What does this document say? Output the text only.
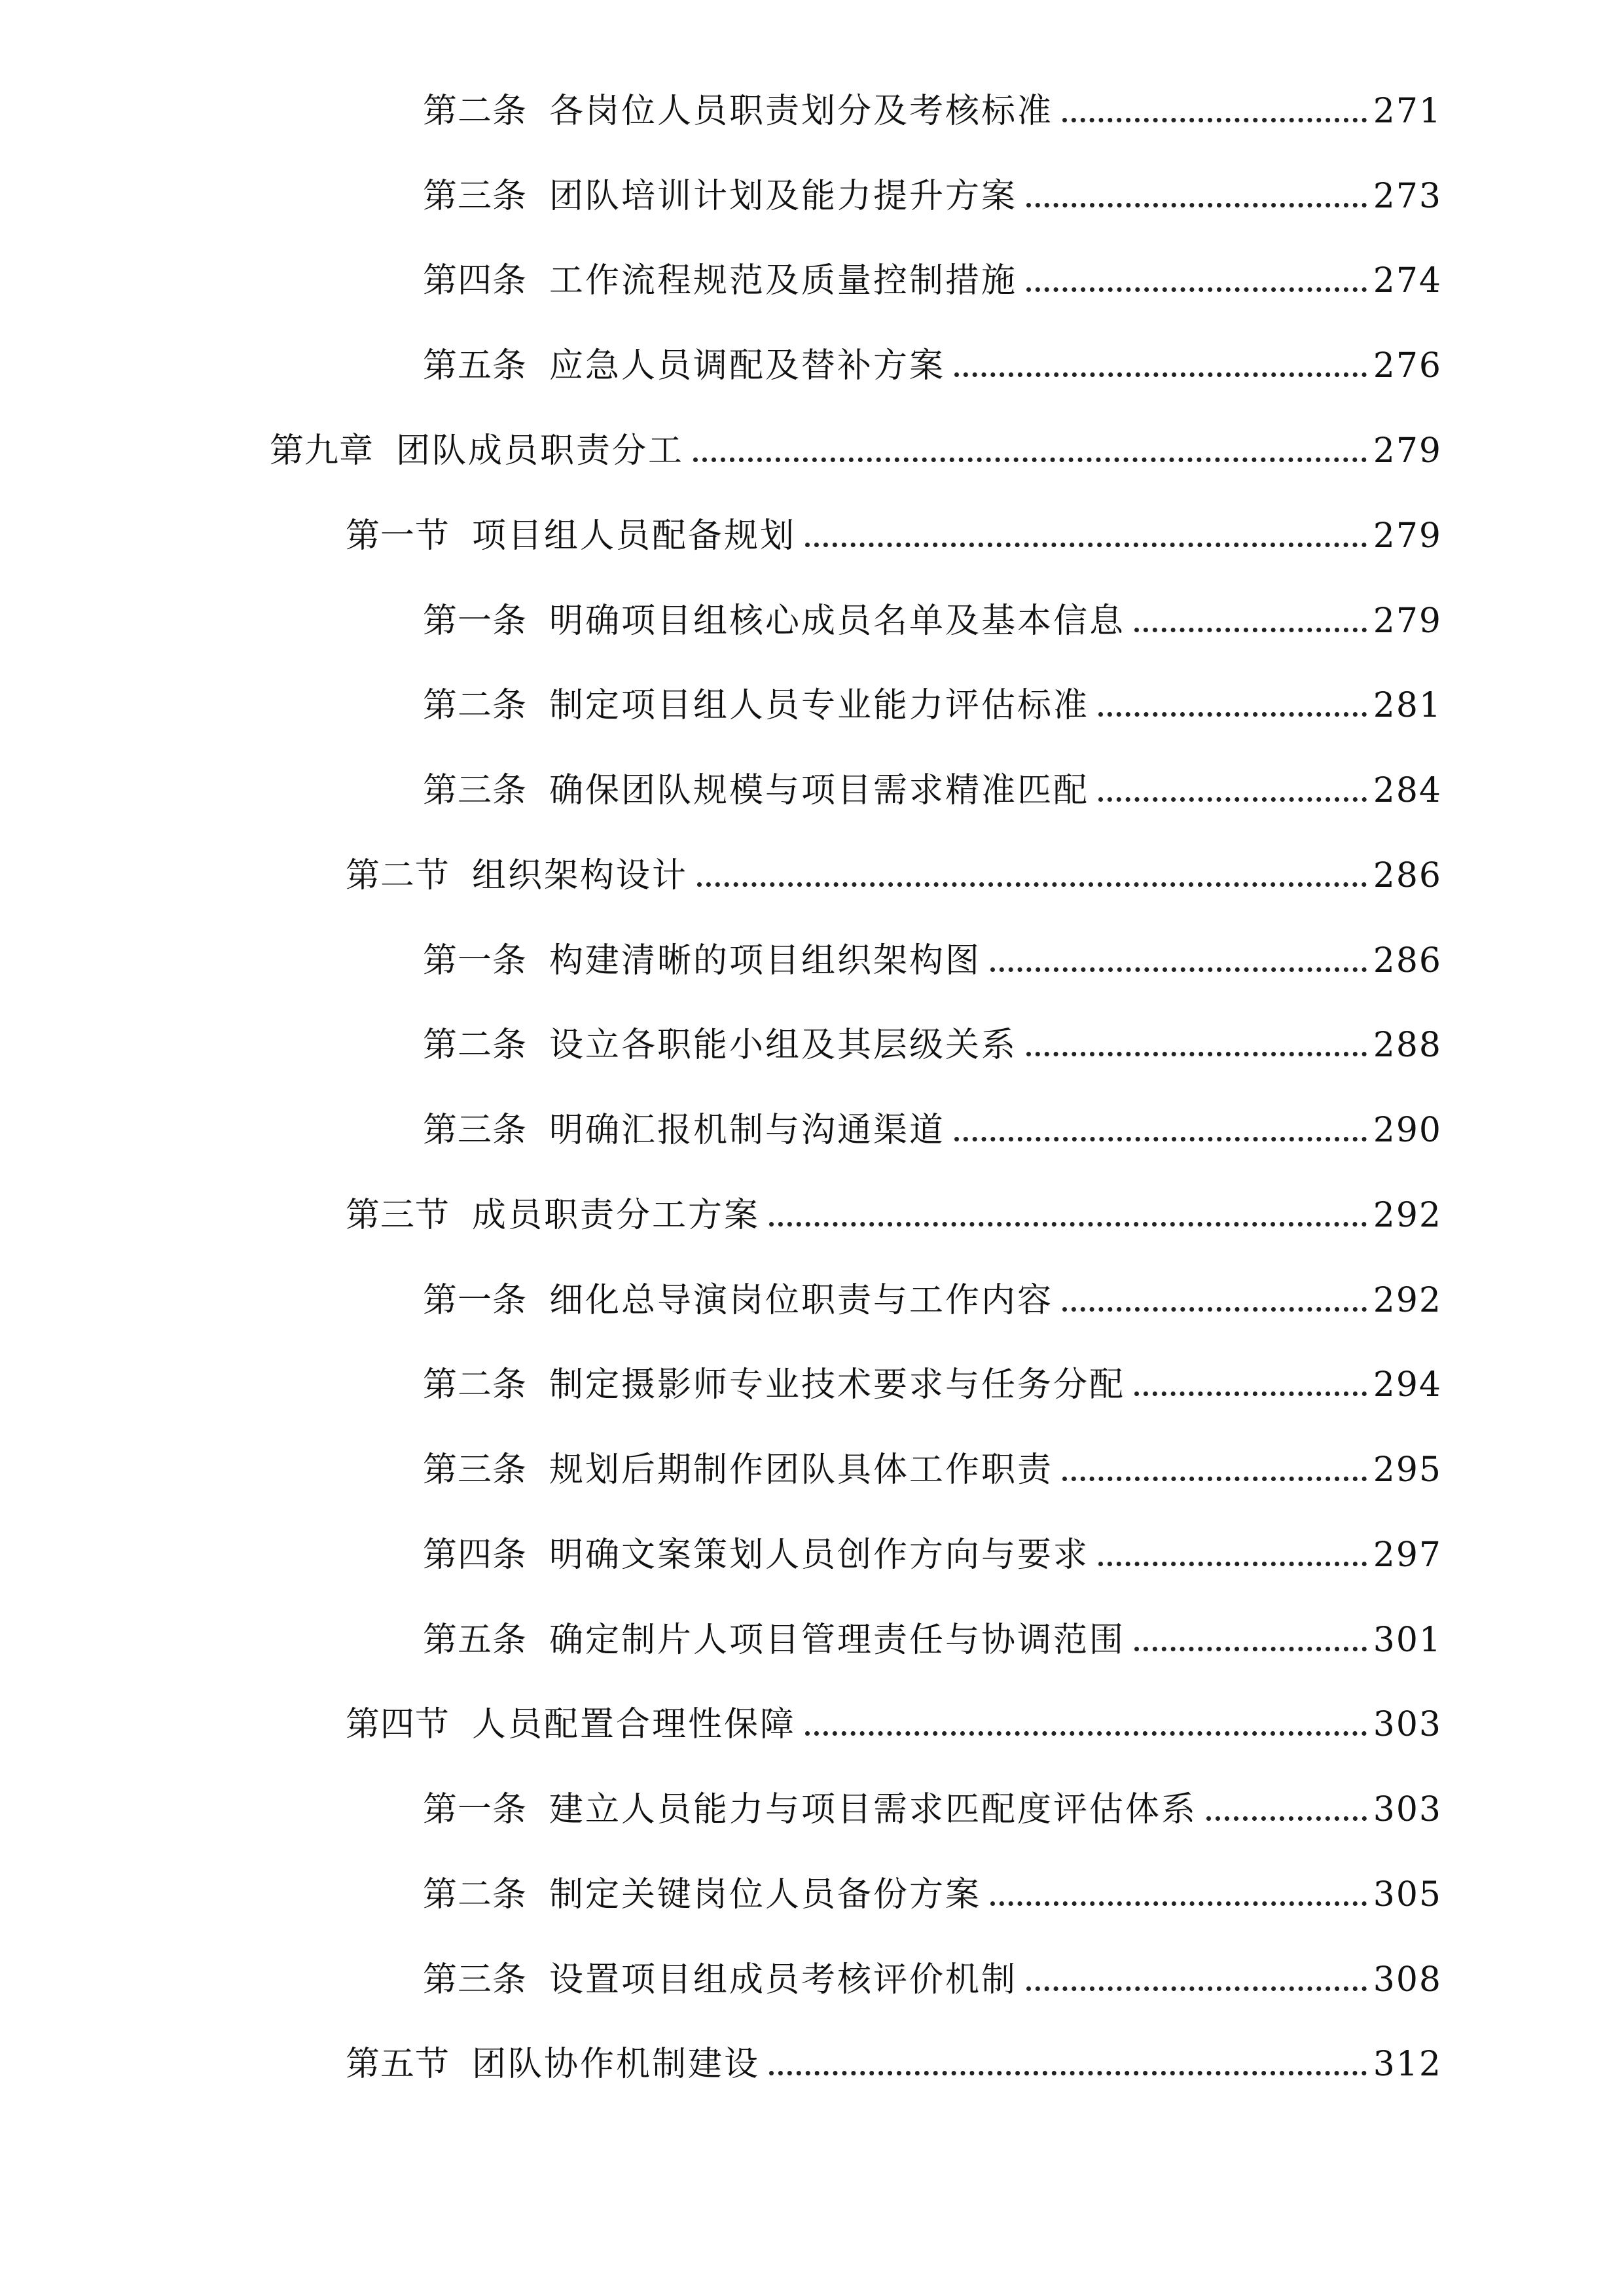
第二条 各岗位人员职责划分及考核标准	271
第三条 团队培训计划及能力提升方案	273
第四条 工作流程规范及质量控制措施	274
第五条 应急人员调配及替补方案	276
第九章 团队成员职责分工	279
第一节 项目组人员配备规划	279
第一条 明确项目组核心成员名单及基本信息	279
第二条 制定项目组人员专业能力评估标准	281
第三条 确保团队规模与项目需求精准匹配	284
第二节 组织架构设计	286
第一条 构建清晰的项目组织架构图	286
第二条 设立各职能小组及其层级关系	288
第三条 明确汇报机制与沟通渠道	290
第三节 成员职责分工方案	292
第一条 细化总导演岗位职责与工作内容	292
第二条 制定摄影师专业技术要求与任务分配	294
第三条 规划后期制作团队具体工作职责	295
第四条 明确文案策划人员创作方向与要求	297
第五条 确定制片人项目管理责任与协调范围	301
第四节 人员配置合理性保障	303
第一条 建立人员能力与项目需求匹配度评估体系	303
第二条 制定关键岗位人员备份方案	305
第三条 设置项目组成员考核评价机制	308
第五节 团队协作机制建设	312
